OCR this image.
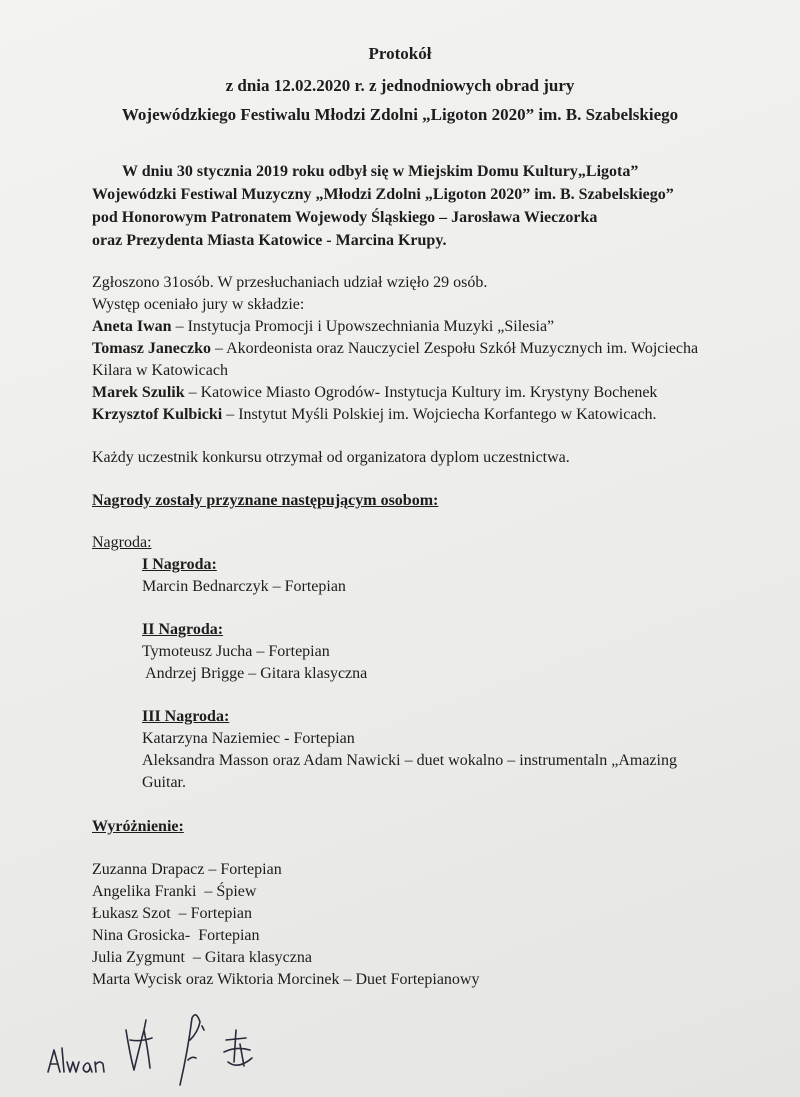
Protokół
z dnia 12.02.2020 r. z jednodniowych obrad jury
Wojewódzkiego Festiwalu Młodzi Zdolni „Ligoton 2020” im. B. Szabelskiego
W dniu 30 stycznia 2019 roku odbył się w Miejskim Domu Kultury„Ligota”
Wojewódzki Festiwal Muzyczny „Młodzi Zdolni „Ligoton 2020” im. B. Szabelskiego”
pod Honorowym Patronatem Wojewody Śląskiego – Jarosława Wieczorka
oraz Prezydenta Miasta Katowice - Marcina Krupy.
Zgłoszono 31osób. W przesłuchaniach udział wzięło 29 osób.
Występ oceniało jury w składzie:
Aneta Iwan – Instytucja Promocji i Upowszechniania Muzyki „Silesia”
Tomasz Janeczko – Akordeonista oraz Nauczyciel Zespołu Szkół Muzycznych im. Wojciecha
Kilara w Katowicach
Marek Szulik – Katowice Miasto Ogrodów- Instytucja Kultury im. Krystyny Bochenek
Krzysztof Kulbicki – Instytut Myśli Polskiej im. Wojciecha Korfantego w Katowicach.
Każdy uczestnik konkursu otrzymał od organizatora dyplom uczestnictwa.
Nagrody zostały przyznane następującym osobom:
Nagroda:
I Nagroda:
Marcin Bednarczyk – Fortepian
II Nagroda:
Tymoteusz Jucha – Fortepian
Andrzej Brigge – Gitara klasyczna
III Nagroda:
Katarzyna Naziemiec - Fortepian
Aleksandra Masson oraz Adam Nawicki – duet wokalno – instrumentaln „Amazing
Guitar.
Wyróżnienie:
Zuzanna Drapacz – Fortepian
Angelika Franki  – Śpiew
Łukasz Szot  – Fortepian
Nina Grosicka-  Fortepian
Julia Zygmunt  – Gitara klasyczna
Marta Wycisk oraz Wiktoria Morcinek – Duet Fortepianowy
